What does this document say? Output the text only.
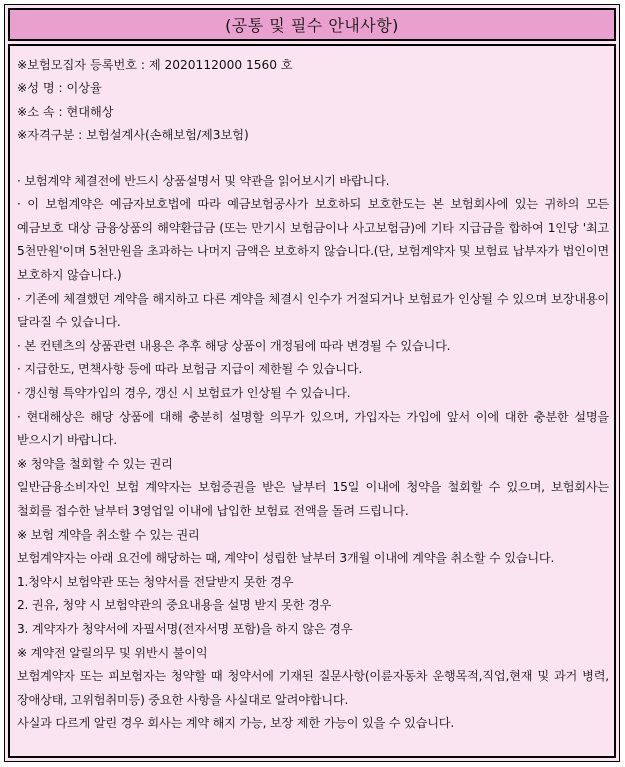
(공통 및 필수 안내사항)
※보험모집자 등록번호 : 제 2020112000 1560 호
※성 명 : 이상율
※소 속 : 현대해상
※자격구분 : 보험설계사(손해보험/제3보험)

· 보험계약 체결전에 반드시 상품설명서 및 약관을 읽어보시기 바랍니다.

· 이 보험계약은 예금자보호법에 따라 예금보험공사가 보호하되 보호한도는 본 보험회사에 있는 귀하의 모든 예금보호 대상 금융상품의 해약환급금 (또는 만기시 보험금이나 사고보험금)에 기타 지급금을 합하여 1인당 '최고 5천만원'이며 5천만원을 초과하는 나머지 금액은 보호하지 않습니다.(단, 보험계약자 및 보험료 납부자가 법인이면 보호하지 않습니다.)

· 기존에 체결했던 계약을 해지하고 다른 계약을 체결시 인수가 거절되거나 보험료가 인상될 수 있으며 보장내용이 달라질 수 있습니다.

· 본 컨텐츠의 상품관련 내용은 추후 해당 상품이 개정됨에 따라 변경될 수 있습니다.

· 지급한도, 면책사항 등에 따라 보험금 지급이 제한될 수 있습니다.

· 갱신형 특약가입의 경우, 갱신 시 보험료가 인상될 수 있습니다.

· 현대해상은 해당 상품에 대해 충분히 설명할 의무가 있으며, 가입자는 가입에 앞서 이에 대한 충분한 설명을 받으시기 바랍니다.

※ 청약을 철회할 수 있는 권리

일반금융소비자인 보험 계약자는 보험증권을 받은 날부터 15일 이내에 청약을 철회할 수 있으며, 보험회사는 철회를 접수한 날부터 3영업일 이내에 납입한 보험료 전액을 돌려 드립니다.

※ 보험 계약을 취소할 수 있는 권리

보험계약자는 아래 요건에 해당하는 때, 계약이 성립한 날부터 3개월 이내에 계약을 취소할 수 있습니다.

1.청약시 보험약관 또는 청약서를 전달받지 못한 경우

2. 권유, 청약 시 보험약관의 중요내용을 설명 받지 못한 경우

3. 계약자가 청약서에 자필서명(전자서명 포함)을 하지 않은 경우

※ 계약전 알릴의무 및 위반시 불이익

보험계약자 또는 피보험자는 청약할 때 청약서에 기재된 질문사항(이륜자동차 운행목적,직업,현재 및 과거 병력, 장애상태, 고위험취미등) 중요한 사항을 사실대로 알려야합니다.

사실과 다르게 알린 경우 회사는 계약 해지 가능, 보장 제한 가능이 있을 수 있습니다.
